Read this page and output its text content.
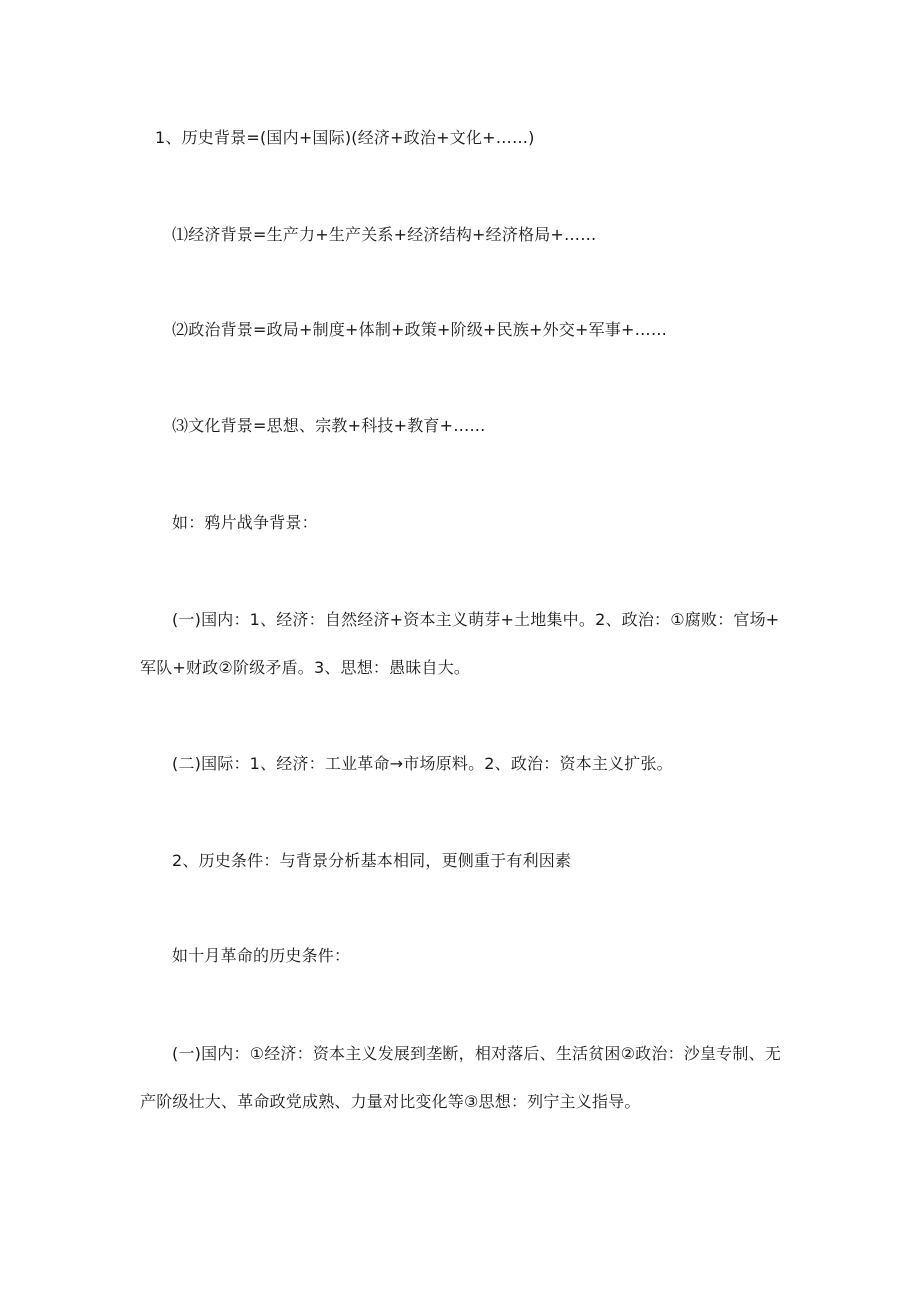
1、历史背景=(国内+国际)(经济+政治+文化+……)
⑴经济背景=生产力+生产关系+经济结构+经济格局+……
⑵政治背景=政局+制度+体制+政策+阶级+民族+外交+军事+……
⑶文化背景=思想、宗教+科技+教育+……
如：鸦片战争背景：
(一)国内：1、经济：自然经济+资本主义萌芽+土地集中。2、政治：①腐败：官场+
军队+财政②阶级矛盾。3、思想：愚昧自大。
(二)国际：1、经济：工业革命→市场原料。2、政治：资本主义扩张。
2、历史条件：与背景分析基本相同，更侧重于有利因素
如十月革命的历史条件：
(一)国内：①经济：资本主义发展到垄断，相对落后、生活贫困②政治：沙皇专制、无
产阶级壮大、革命政党成熟、力量对比变化等③思想：列宁主义指导。
